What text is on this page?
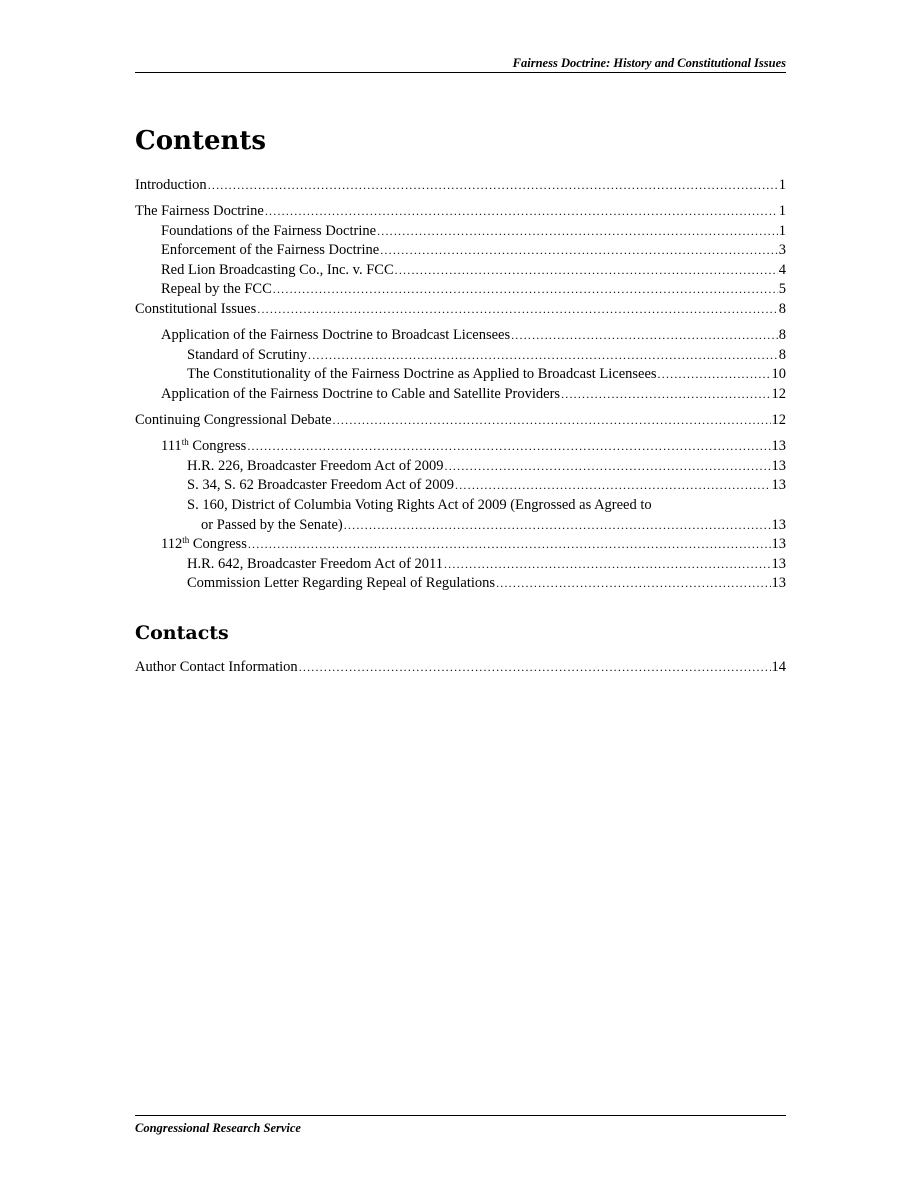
Fairness Doctrine: History and Constitutional Issues
Contents
Introduction .....	1
The Fairness Doctrine .....	1
Foundations of the Fairness Doctrine .....	1
Enforcement of the Fairness Doctrine .....	3
Red Lion Broadcasting Co., Inc. v. FCC .....	4
Repeal by the FCC .....	5
Constitutional Issues .....	8
Application of the Fairness Doctrine to Broadcast Licensees .....	8
Standard of Scrutiny .....	8
The Constitutionality of the Fairness Doctrine as Applied to Broadcast Licensees .....	10
Application of the Fairness Doctrine to Cable and Satellite Providers .....	12
Continuing Congressional Debate .....	12
111th Congress .....	13
H.R. 226, Broadcaster Freedom Act of 2009 .....	13
S. 34, S. 62 Broadcaster Freedom Act of 2009 .....	13
S. 160, District of Columbia Voting Rights Act of 2009 (Engrossed as Agreed to
or Passed by the Senate) .....	13
112th Congress .....	13
H.R. 642, Broadcaster Freedom Act of 2011 .....	13
Commission Letter Regarding Repeal of Regulations .....	13
Contacts
Author Contact Information .....	14
Congressional Research Service
